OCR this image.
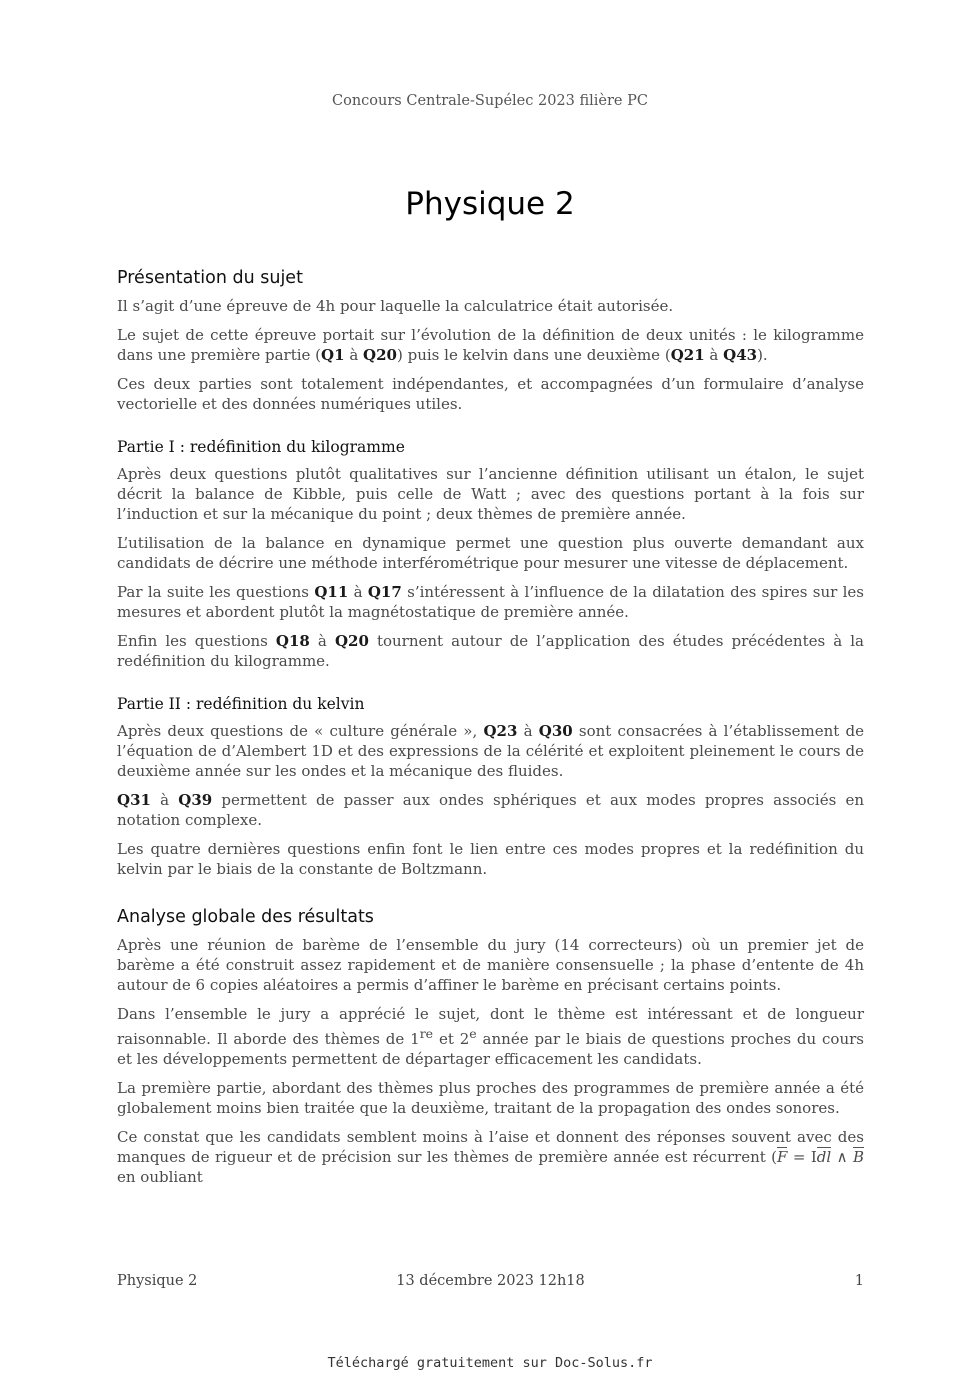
Concours Centrale-Supélec 2023 filière PC
Physique 2
Présentation du sujet

Il s’agit d’une épreuve de 4h pour laquelle la calculatrice était autorisée.

Le sujet de cette épreuve portait sur l’évolution de la définition de deux unités : le kilogramme dans une première partie (Q1 à Q20) puis le kelvin dans une deuxième (Q21 à Q43).

Ces deux parties sont totalement indépendantes, et accompagnées d’un formulaire d’analyse vectorielle et des données numériques utiles.

Partie I : redéfinition du kilogramme

Après deux questions plutôt qualitatives sur l’ancienne définition utilisant un étalon, le sujet décrit la balance de Kibble, puis celle de Watt ; avec des questions portant à la fois sur l’induction et sur la mécanique du point ; deux thèmes de première année.

L’utilisation de la balance en dynamique permet une question plus ouverte demandant aux candidats de décrire une méthode interférométrique pour mesurer une vitesse de déplacement.

Par la suite les questions Q11 à Q17 s’intéressent à l’influence de la dilatation des spires sur les mesures et abordent plutôt la magnétostatique de première année.

Enfin les questions Q18 à Q20 tournent autour de l’application des études précédentes à la redéfinition du kilogramme.

Partie II : redéfinition du kelvin

Après deux questions de « culture générale », Q23 à Q30 sont consacrées à l’établissement de l’équation de d’Alembert 1D et des expressions de la célérité et exploitent pleinement le cours de deuxième année sur les ondes et la mécanique des fluides.

Q31 à Q39 permettent de passer aux ondes sphériques et aux modes propres associés en notation complexe.

Les quatre dernières questions enfin font le lien entre ces modes propres et la redéfinition du kelvin par le biais de la constante de Boltzmann.

Analyse globale des résultats

Après une réunion de barème de l’ensemble du jury (14 correcteurs) où un premier jet de barème a été construit assez rapidement et de manière consensuelle ; la phase d’entente de 4h autour de 6 copies aléatoires a permis d’affiner le barème en précisant certains points.

Dans l’ensemble le jury a apprécié le sujet, dont le thème est intéressant et de longueur raisonnable. Il aborde des thèmes de 1re et 2e année par le biais de questions proches du cours et les développements permettent de départager efficacement les candidats.

La première partie, abordant des thèmes plus proches des programmes de première année a été globalement moins bien traitée que la deuxième, traitant de la propagation des ondes sonores.

Ce constat que les candidats semblent moins à l’aise et donnent des réponses souvent avec des manques de rigueur et de précision sur les thèmes de première année est récurrent (F = Idl ∧ B en oubliant

Physique 2	13 décembre 2023 12h18	1
Téléchargé gratuitement sur Doc-Solus.fr
